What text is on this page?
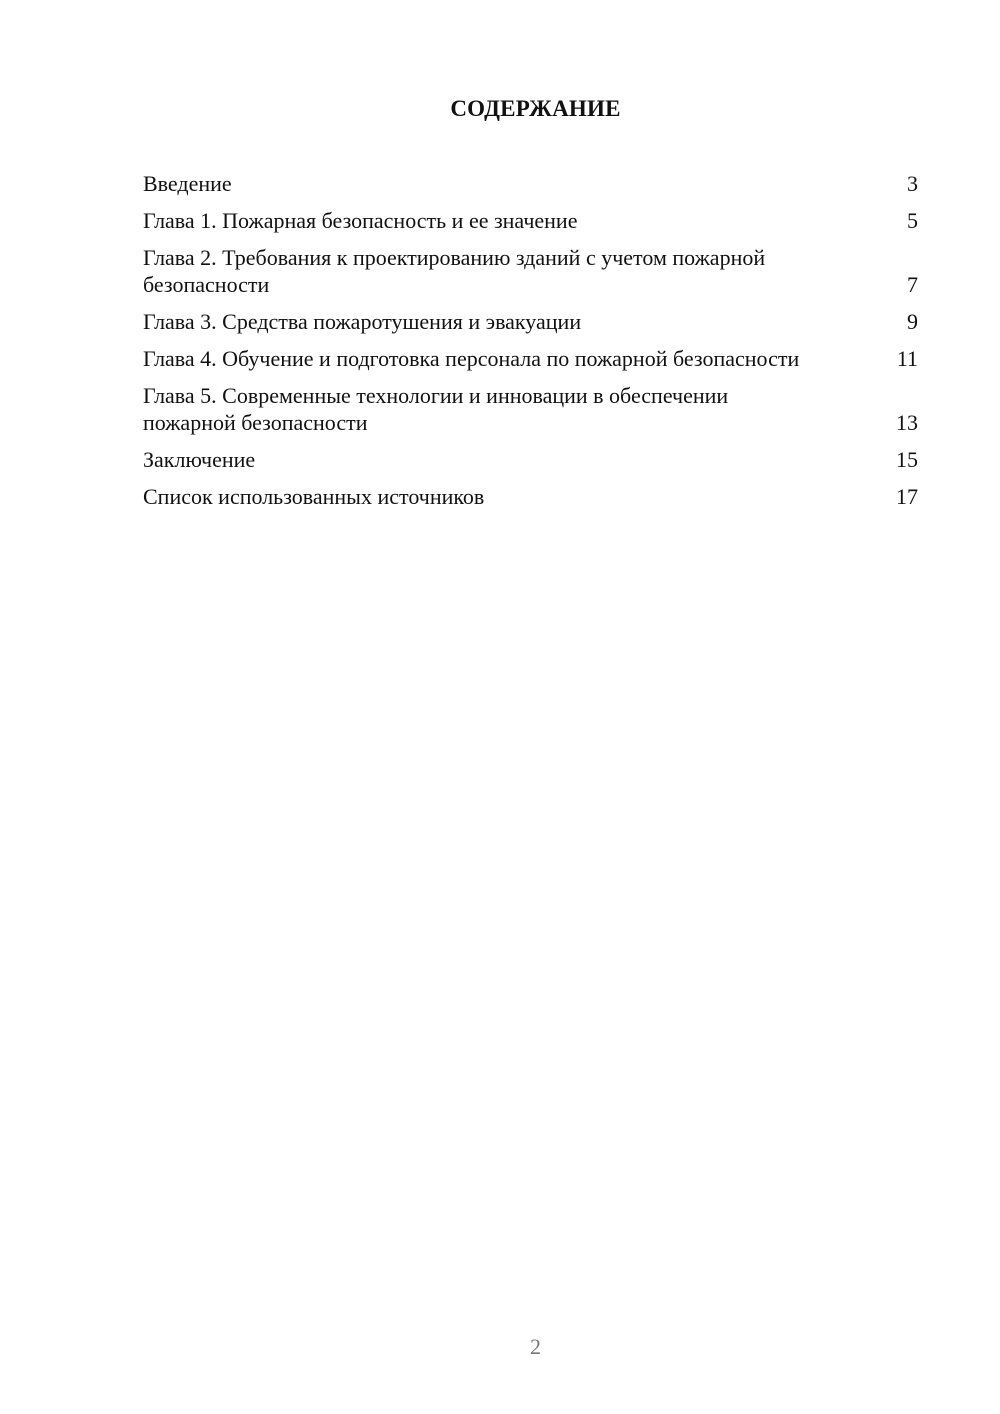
СОДЕРЖАНИЕ
Введение	3
Глава 1. Пожарная безопасность и ее значение	5
Глава 2. Требования к проектированию зданий с учетом пожарной безопасности	7
Глава 3. Средства пожаротушения и эвакуации	9
Глава 4. Обучение и подготовка персонала по пожарной безопасности	11
Глава 5. Современные технологии и инновации в обеспечении пожарной безопасности	13
Заключение	15
Список использованных источников	17
2
